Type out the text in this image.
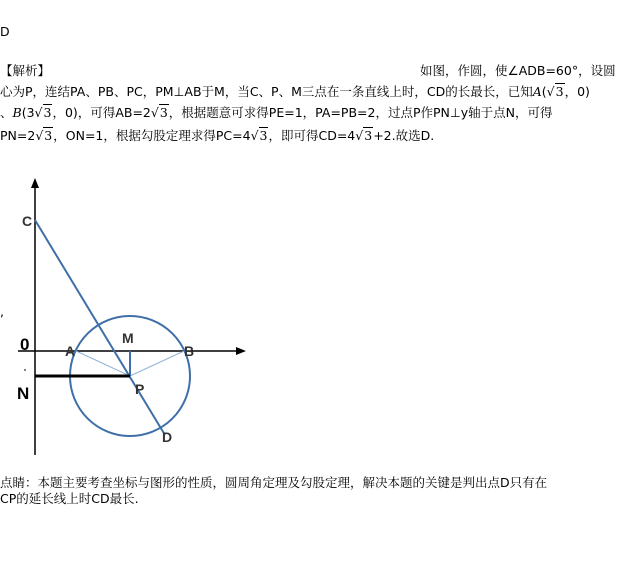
D
【解析】	如图，作圆，使∠ADB=60°，设圆
心为P，连结PA、PB、PC，PM⊥AB于M，当C、P、M三点在一条直线上时，CD的长最长，已知A(√3，0)
、B(3√3，0)，可得AB=2√3，根据题意可求得PE=1，PA=PB=2，过点P作PN⊥y轴于点N，可得
PN=2√3，ON=1，根据勾股定理求得PC=4√3，即可得CD=4√3+2.故选D.
,
C
M
0	A	B
N	P
D
点睛：本题主要考查坐标与图形的性质，圆周角定理及勾股定理，解决本题的关键是判出点D只有在
CP的延长线上时CD最长.
